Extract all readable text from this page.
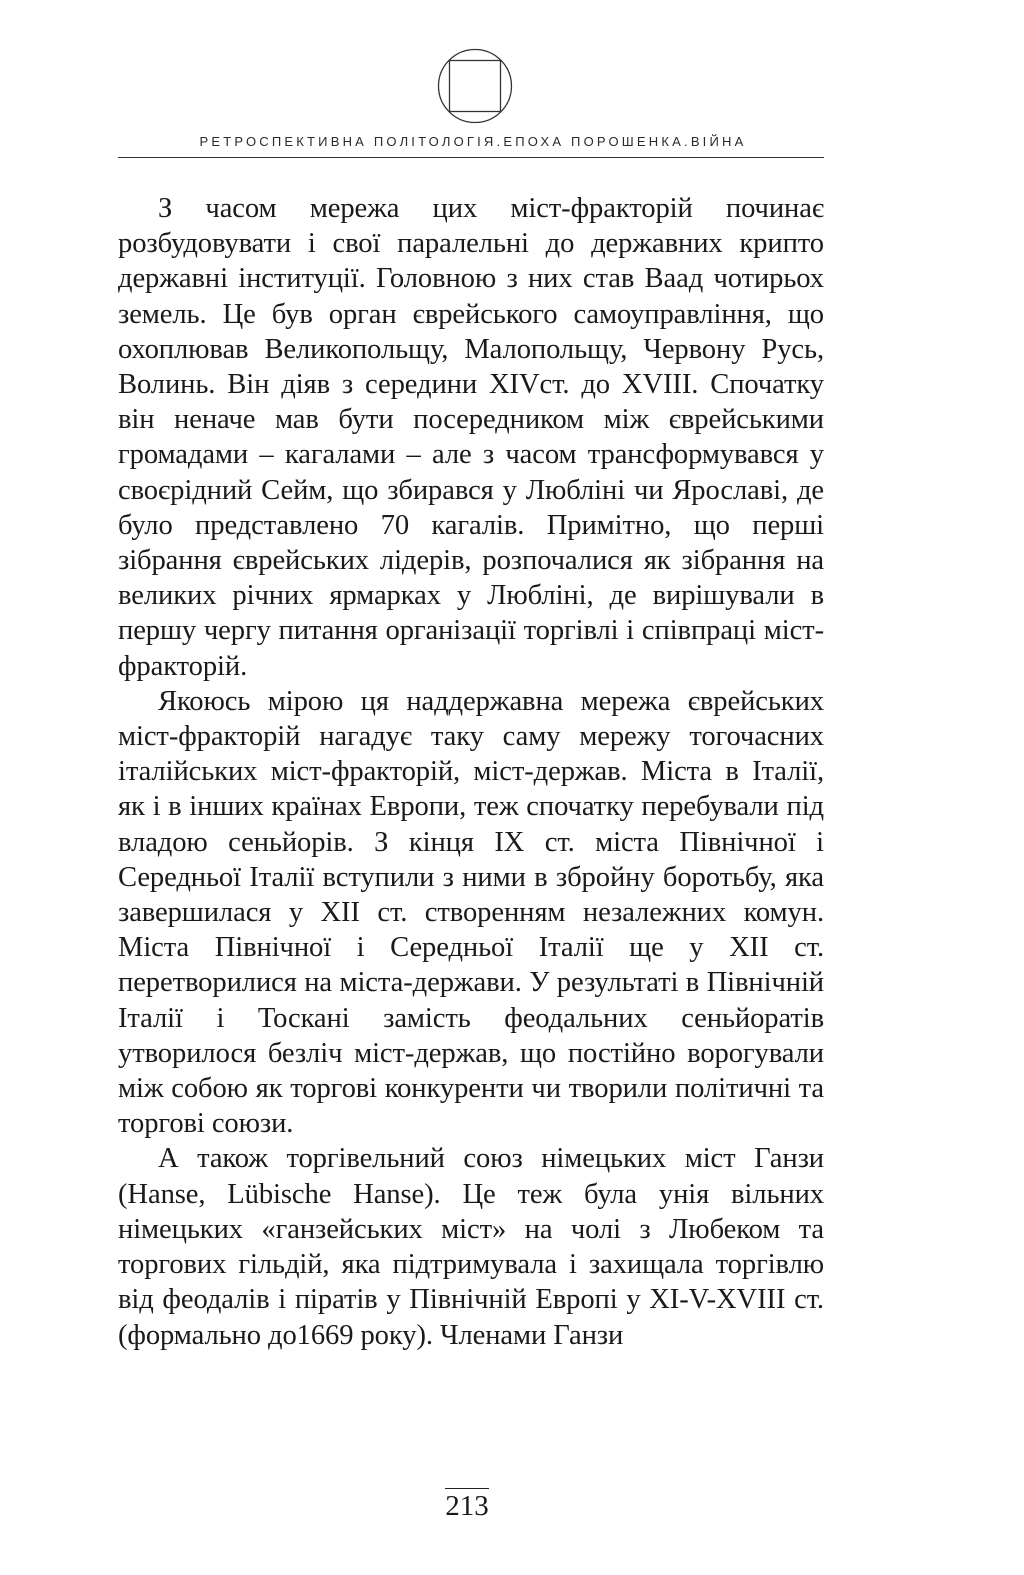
РЕТРОСПЕКТИВНА ПОЛІТОЛОГІЯ.ЕПОХА ПОРОШЕНКА.ВІЙНА

З часом мережа цих міст-фракторій починає розбудовувати і свої паралельні до державних крипто державні інституції. Головною з них став Ваад чотирьох земель. Це був орган єврейського самоуправління, що охоплював Великопольщу, Малопольщу, Червону Русь, Волинь. Він діяв з середини XIVст. до XVIII. Спочатку він неначе мав бути посередником між єврейськими громадами – кагалами – але з часом трансформувався у своєрідний Сейм, що збирався у Любліні чи Ярославі, де було представлено 70 кагалів. Примітно, що перші зібрання єврейських лідерів, розпочалися як зібрання на великих річних ярмарках у Любліні, де вирішували в першу чергу питання організації торгівлі і співпраці міст-фракторій.

Якоюсь мірою ця наддержавна мережа єврейських міст-фракторій нагадує таку саму мережу тогочасних італійських міст-фракторій, міст-держав. Міста в Італії, як і в інших країнах Европи, теж спочатку перебували під владою сеньйорів. З кінця IX ст. міста Північної і Середньої Італії вступили з ними в збройну боротьбу, яка завершилася у XII ст. створенням незалежних комун. Міста Північної і Середньої Італії ще у XII ст. перетворилися на міста-держави. У результаті в Північній Італії і Тоскані замість феодальних сеньйоратів утворилося безліч міст-держав, що постійно ворогували між собою як торгові конкуренти чи творили політичні та торгові союзи.

А також торгівельний союз німецьких міст Ганзи (Hanse, Lübische Hanse). Це теж була унія вільних німецьких «ганзейських міст» на чолі з Любеком та торгових гільдій, яка підтримувала і захищала торгівлю від феодалів і піратів у Північній Европі у XI-V-XVIII ст. (формально до1669 року). Членами Ганзи

213
